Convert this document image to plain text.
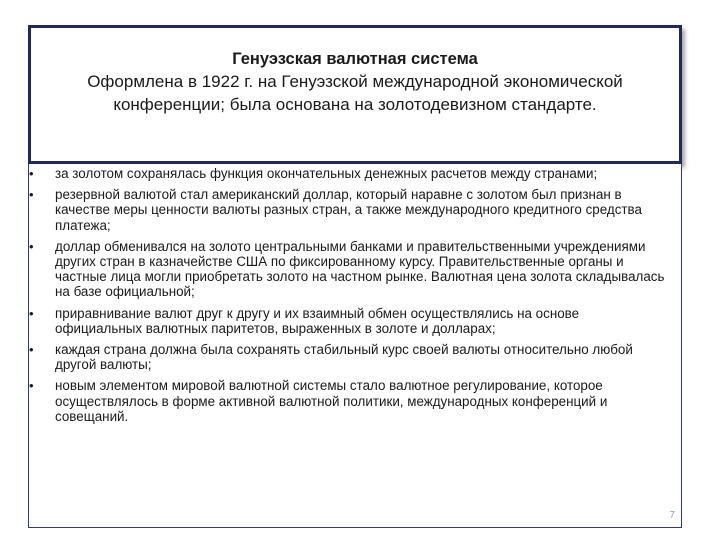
Генуэзская валютная система
Оформлена в 1922 г. на Генуэзской международной экономической конференции; была основана на золотодевизном стандарте.
• за золотом сохранялась функция окончательных денежных расчетов между странами;
• резервной валютой стал американский доллар, который наравне с золотом был признан в качестве меры ценности валюты разных стран, а также международного кредитного средства платежа;
• доллар обменивался на золото центральными банками и правительственными учреждениями других стран в казначействе США по фиксированному курсу. Правительственные органы и частные лица могли приобретать золото на частном рынке. Валютная цена золота складывалась на базе официальной;
• приравнивание валют друг к другу и их взаимный обмен осуществлялись на основе официальных валютных паритетов, выраженных в золоте и долларах;
• каждая страна должна была сохранять стабильный курс своей валюты относительно любой другой валюты;
• новым элементом мировой валютной системы стало валютное регулирование, которое осуществлялось в форме активной валютной политики, международных конференций и совещаний.
7
